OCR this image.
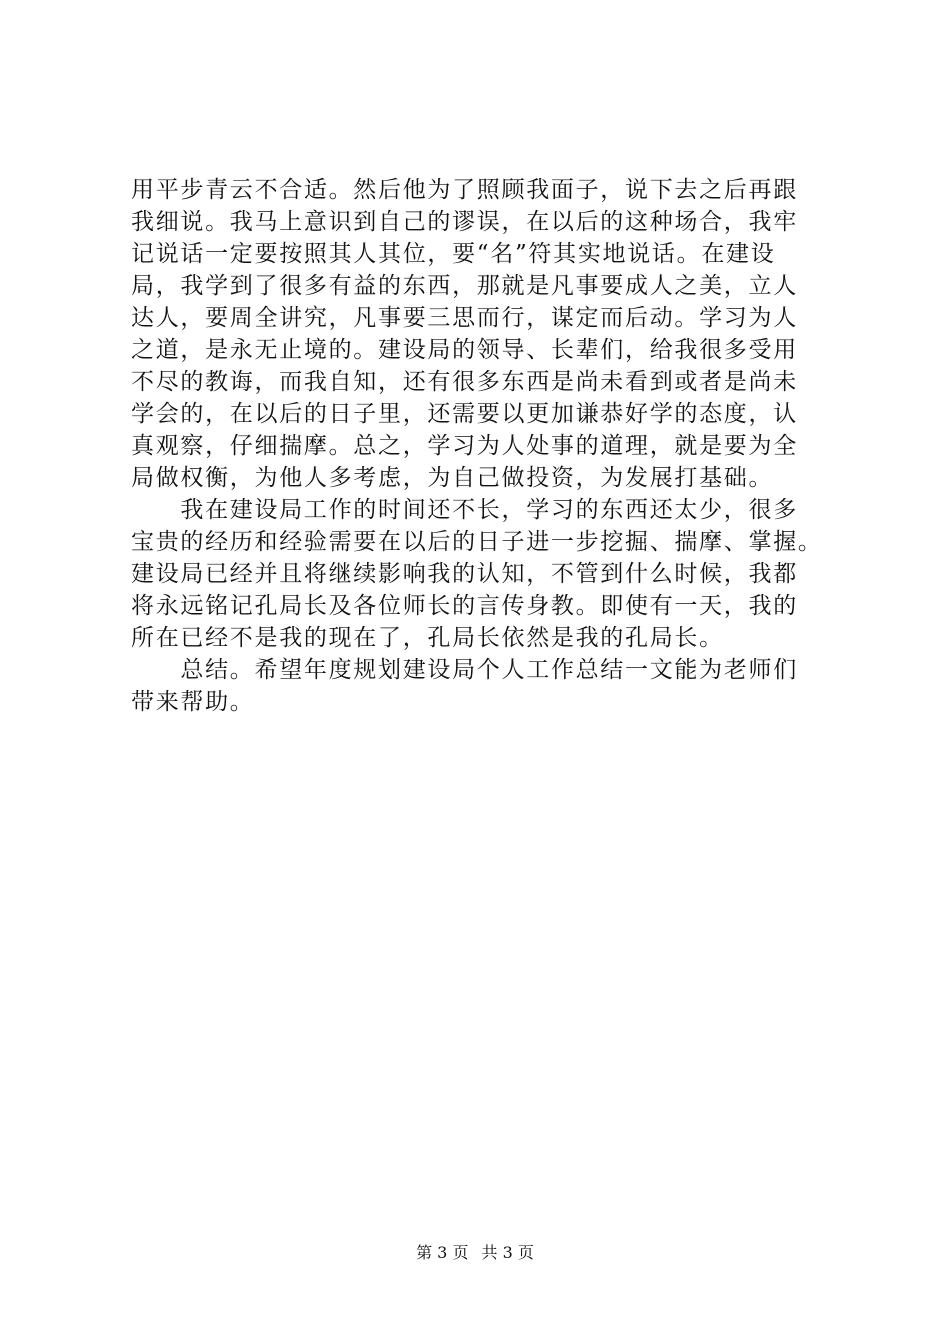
用平步青云不合适。然后他为了照顾我面子，说下去之后再跟
我细说。我马上意识到自己的谬误，在以后的这种场合，我牢
记说话一定要按照其人其位，要“名”符其实地说话。在建设
局，我学到了很多有益的东西，那就是凡事要成人之美，立人
达人，要周全讲究，凡事要三思而行，谋定而后动。学习为人
之道，是永无止境的。建设局的领导、长辈们，给我很多受用
不尽的教诲，而我自知，还有很多东西是尚未看到或者是尚未
学会的，在以后的日子里，还需要以更加谦恭好学的态度，认
真观察，仔细揣摩。总之，学习为人处事的道理，就是要为全
局做权衡，为他人多考虑，为自己做投资，为发展打基础。
　　我在建设局工作的时间还不长，学习的东西还太少，很多
宝贵的经历和经验需要在以后的日子进一步挖掘、揣摩、掌握。
建设局已经并且将继续影响我的认知，不管到什么时候，我都
将永远铭记孔局长及各位师长的言传身教。即使有一天，我的
所在已经不是我的现在了，孔局长依然是我的孔局长。
　　总结。希望年度规划建设局个人工作总结一文能为老师们
带来帮助。
第 3 页 共 3 页
